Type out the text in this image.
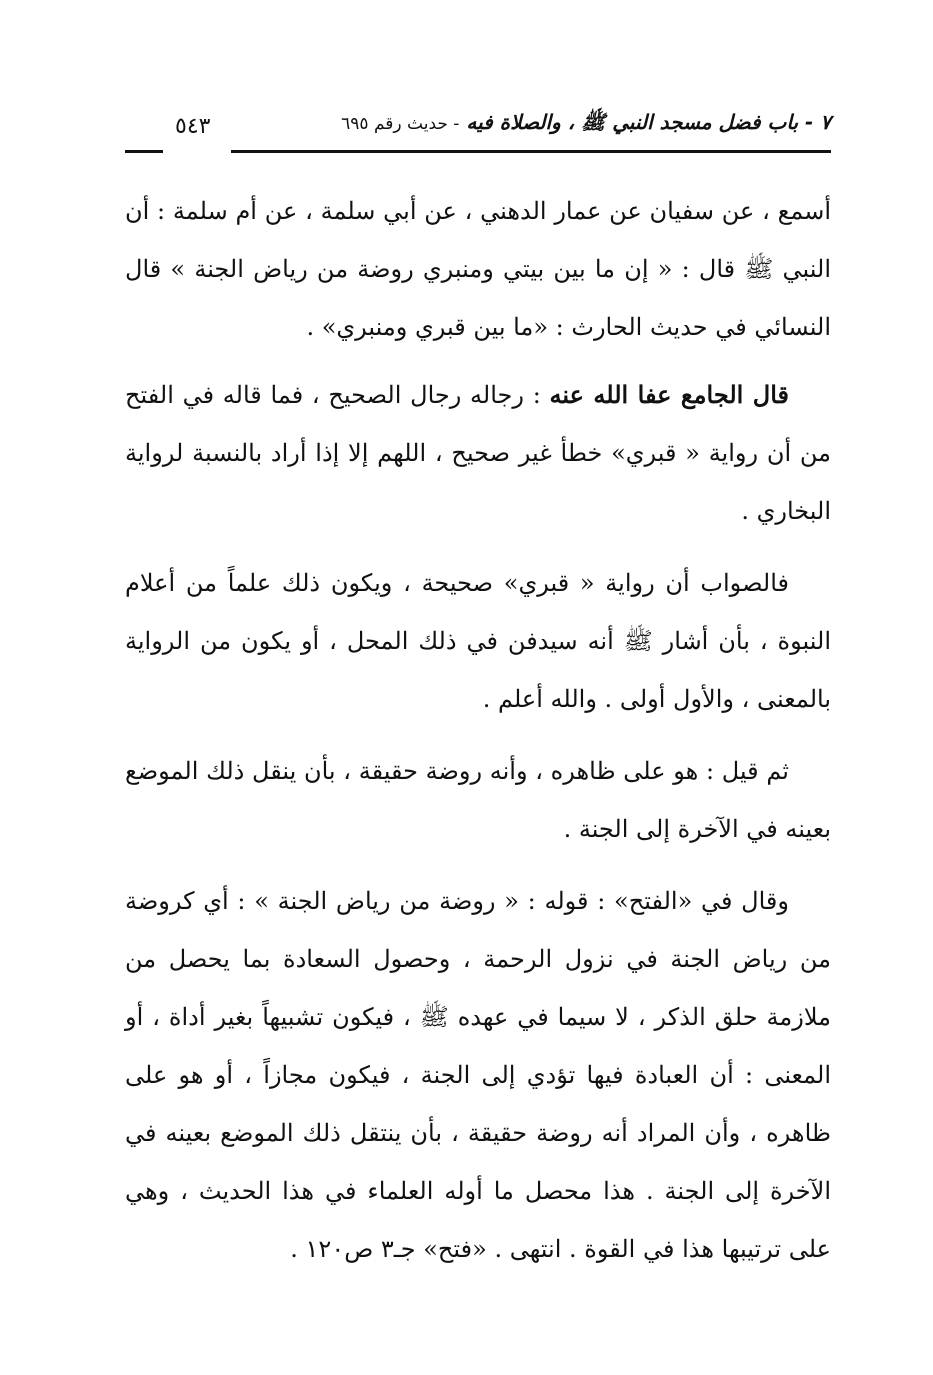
٧ - باب فضل مسجد النبي ﷺ ، والصلاة فيه - حديث رقم ٦٩٥
٥٤٣

أسمع ، عن سفيان عن عمار الدهني ، عن أبي سلمة ، عن أم سلمة : أن النبي ﷺ قال : « إن ما بين بيتي ومنبري روضة من رياض الجنة » قال النسائي في حديث الحارث : «ما بين قبري ومنبري» .

قال الجامع عفا الله عنه : رجاله رجال الصحيح ، فما قاله في الفتح من أن رواية « قبري» خطأ غير صحيح ، اللهم إلا إذا أراد بالنسبة لرواية البخاري .

فالصواب أن رواية « قبري» صحيحة ، ويكون ذلك علماً من أعلام النبوة ، بأن أشار ﷺ أنه سيدفن في ذلك المحل ، أو يكون من الرواية بالمعنى ، والأول أولى . والله أعلم .

ثم قيل : هو على ظاهره ، وأنه روضة حقيقة ، بأن ينقل ذلك الموضع بعينه في الآخرة إلى الجنة .

وقال في «الفتح» : قوله : « روضة من رياض الجنة » : أي كروضة من رياض الجنة في نزول الرحمة ، وحصول السعادة بما يحصل من ملازمة حلق الذكر ، لا سيما في عهده ﷺ ، فيكون تشبيهاً بغير أداة ، أو المعنى : أن العبادة فيها تؤدي إلى الجنة ، فيكون مجازاً ، أو هو على ظاهره ، وأن المراد أنه روضة حقيقة ، بأن ينتقل ذلك الموضع بعينه في الآخرة إلى الجنة . هذا محصل ما أوله العلماء في هذا الحديث ، وهي على ترتيبها هذا في القوة . انتهى . «فتح» جـ٣ ص١٢٠ .
